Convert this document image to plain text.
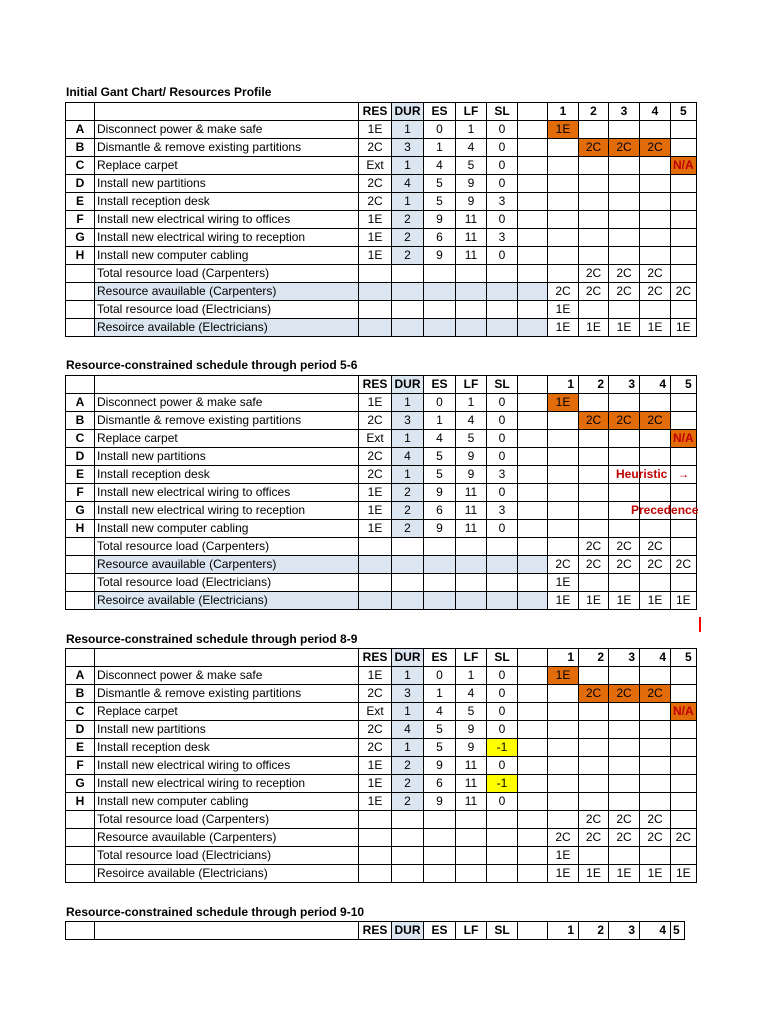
Initial Gant Chart/ Resources Profile
		RES	DUR	ES	LF	SL		1	2	3	4	5
A	Disconnect power & make safe	1E	1	0	1	0		1E				
B	Dismantle & remove existing partitions	2C	3	1	4	0			2C	2C	2C	
C	Replace carpet	Ext	1	4	5	0						N/A
D	Install new partitions	2C	4	5	9	0						
E	Install reception desk	2C	1	5	9	3						
F	Install new electrical wiring to offices	1E	2	9	11	0						
G	Install new electrical wiring to reception	1E	2	6	11	3						
H	Install new computer cabling	1E	2	9	11	0						
	Total resource load (Carpenters)								2C	2C	2C	
	Resource avauilable (Carpenters)							2C	2C	2C	2C	2C
	Total resource load (Electricians)							1E				
	Resoirce available (Electricians)							1E	1E	1E	1E	1E
Resource-constrained schedule through period 5-6
		RES	DUR	ES	LF	SL		1	2	3	4	5
A	Disconnect power & make safe	1E	1	0	1	0		1E				
B	Dismantle & remove existing partitions	2C	3	1	4	0			2C	2C	2C	
C	Replace carpet	Ext	1	4	5	0						N/A
D	Install new partitions	2C	4	5	9	0						
E	Install reception desk	2C	1	5	9	3						
F	Install new electrical wiring to offices	1E	2	9	11	0						
G	Install new electrical wiring to reception	1E	2	6	11	3						
H	Install new computer cabling	1E	2	9	11	0						
	Total resource load (Carpenters)								2C	2C	2C	
	Resource avauilable (Carpenters)							2C	2C	2C	2C	2C
	Total resource load (Electricians)							1E				
	Resoirce available (Electricians)							1E	1E	1E	1E	1E
Heuristic →
Precedence
Resource-constrained schedule through period 8-9
		RES	DUR	ES	LF	SL		1	2	3	4	5
A	Disconnect power & make safe	1E	1	0	1	0		1E				
B	Dismantle & remove existing partitions	2C	3	1	4	0			2C	2C	2C	
C	Replace carpet	Ext	1	4	5	0						N/A
D	Install new partitions	2C	4	5	9	0						
E	Install reception desk	2C	1	5	9	-1						
F	Install new electrical wiring to offices	1E	2	9	11	0						
G	Install new electrical wiring to reception	1E	2	6	11	-1						
H	Install new computer cabling	1E	2	9	11	0						
	Total resource load (Carpenters)								2C	2C	2C	
	Resource avauilable (Carpenters)							2C	2C	2C	2C	2C
	Total resource load (Electricians)							1E				
	Resoirce available (Electricians)							1E	1E	1E	1E	1E
Resource-constrained schedule through period 9-10
		RES	DUR	ES	LF	SL		1	2	3	4	5
